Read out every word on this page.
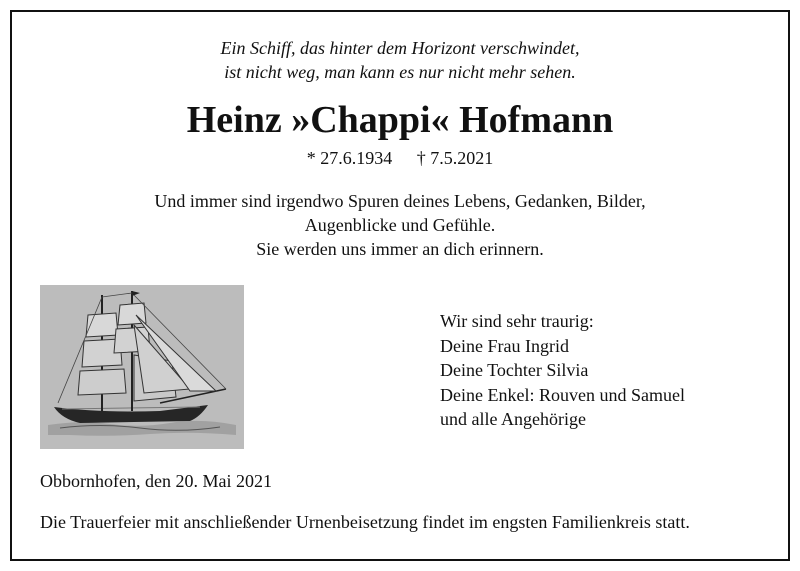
Ein Schiff, das hinter dem Horizont verschwindet,
ist nicht weg, man kann es nur nicht mehr sehen.
Heinz »Chappi« Hofmann
* 27.6.1934 † 7.5.2021
Und immer sind irgendwo Spuren deines Lebens, Gedanken, Bilder,
Augenblicke und Gefühle.
Sie werden uns immer an dich erinnern.
Wir sind sehr traurig:
Deine Frau Ingrid
Deine Tochter Silvia
Deine Enkel: Rouven und Samuel
und alle Angehörige
Obbornhofen, den 20. Mai 2021
Die Trauerfeier mit anschließender Urnenbeisetzung findet im engsten Familienkreis statt.
